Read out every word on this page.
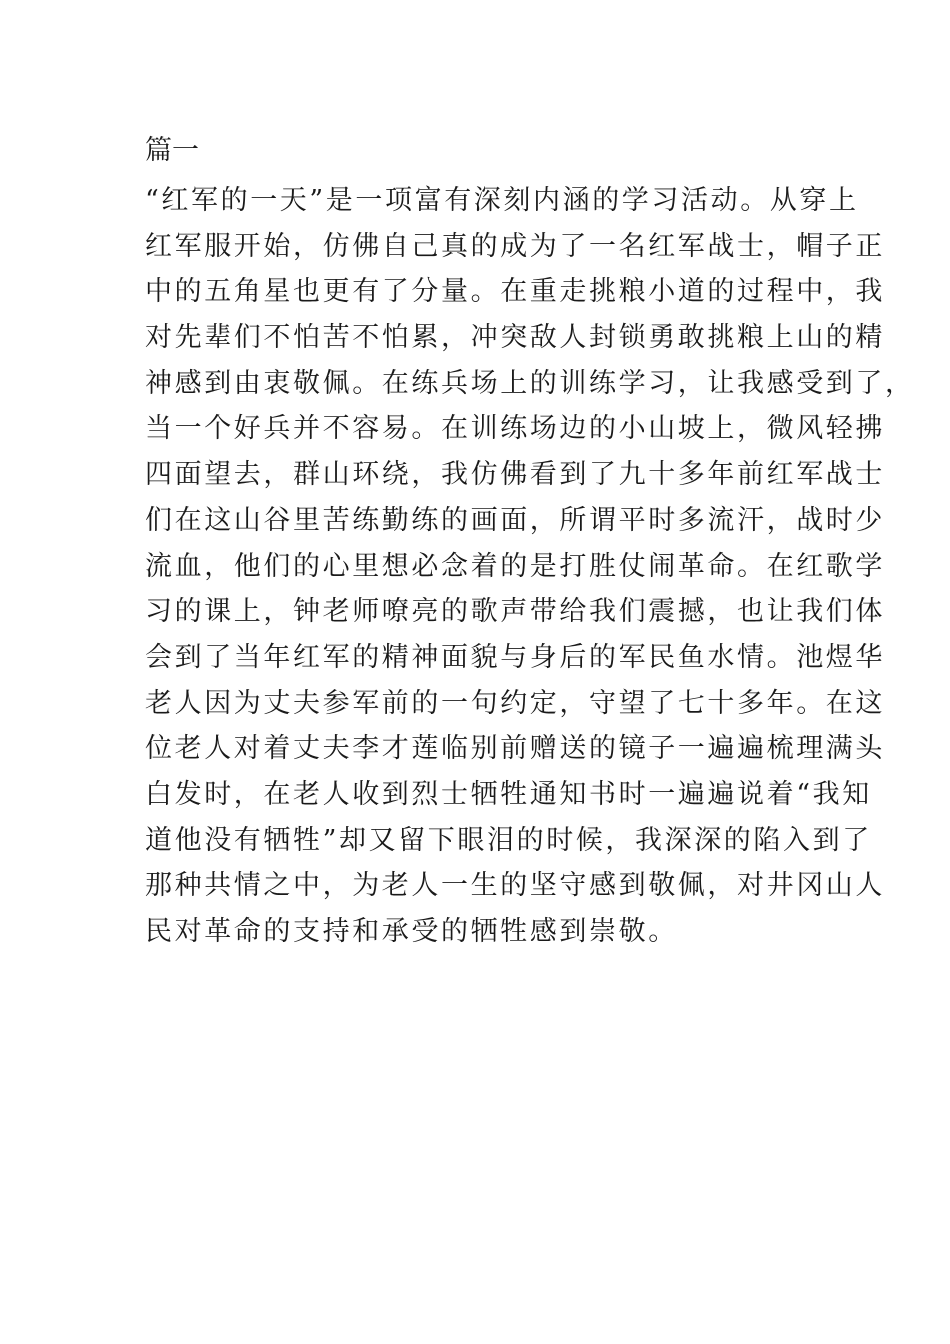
篇一
“红军的一天”是一项富有深刻内涵的学习活动。从穿上
红军服开始，仿佛自己真的成为了一名红军战士，帽子正
中的五角星也更有了分量。在重走挑粮小道的过程中，我
对先辈们不怕苦不怕累，冲突敌人封锁勇敢挑粮上山的精
神感到由衷敬佩。在练兵场上的训练学习，让我感受到了，
当一个好兵并不容易。在训练场边的小山坡上，微风轻拂
四面望去，群山环绕，我仿佛看到了九十多年前红军战士
们在这山谷里苦练勤练的画面，所谓平时多流汗，战时少
流血，他们的心里想必念着的是打胜仗闹革命。在红歌学
习的课上，钟老师嘹亮的歌声带给我们震撼，也让我们体
会到了当年红军的精神面貌与身后的军民鱼水情。池煜华
老人因为丈夫参军前的一句约定，守望了七十多年。在这
位老人对着丈夫李才莲临别前赠送的镜子一遍遍梳理满头
白发时，在老人收到烈士牺牲通知书时一遍遍说着“我知
道他没有牺牲”却又留下眼泪的时候，我深深的陷入到了
那种共情之中，为老人一生的坚守感到敬佩，对井冈山人
民对革命的支持和承受的牺牲感到崇敬。
